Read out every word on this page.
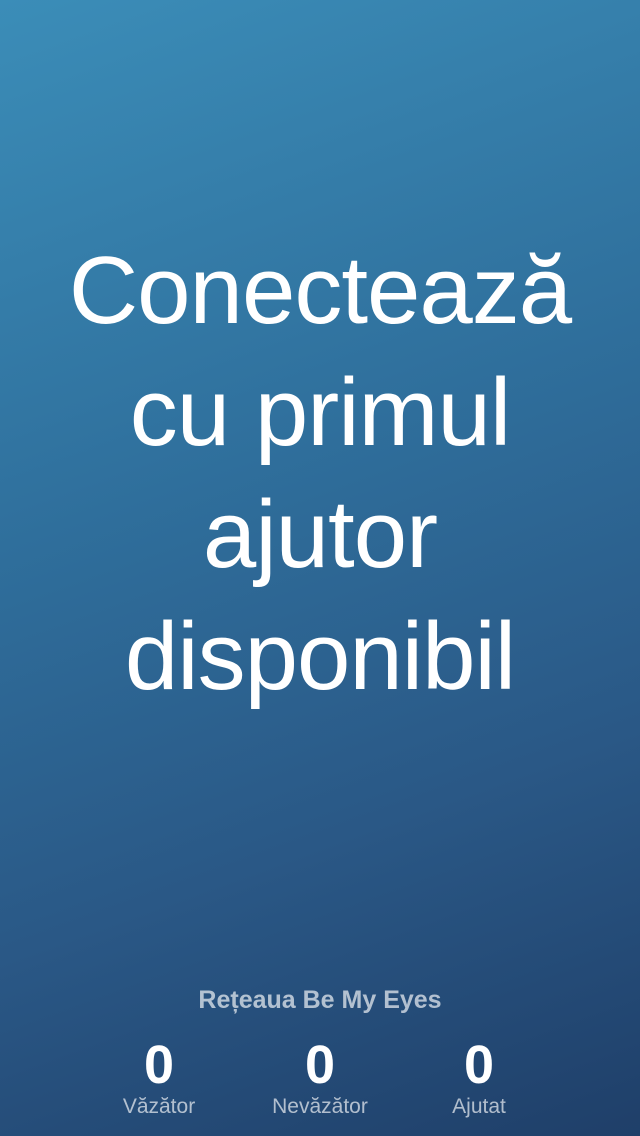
Conectează
cu primul
ajutor
disponibil
Rețeaua Be My Eyes
0
Văzător
0
Nevăzător
0
Ajutat
